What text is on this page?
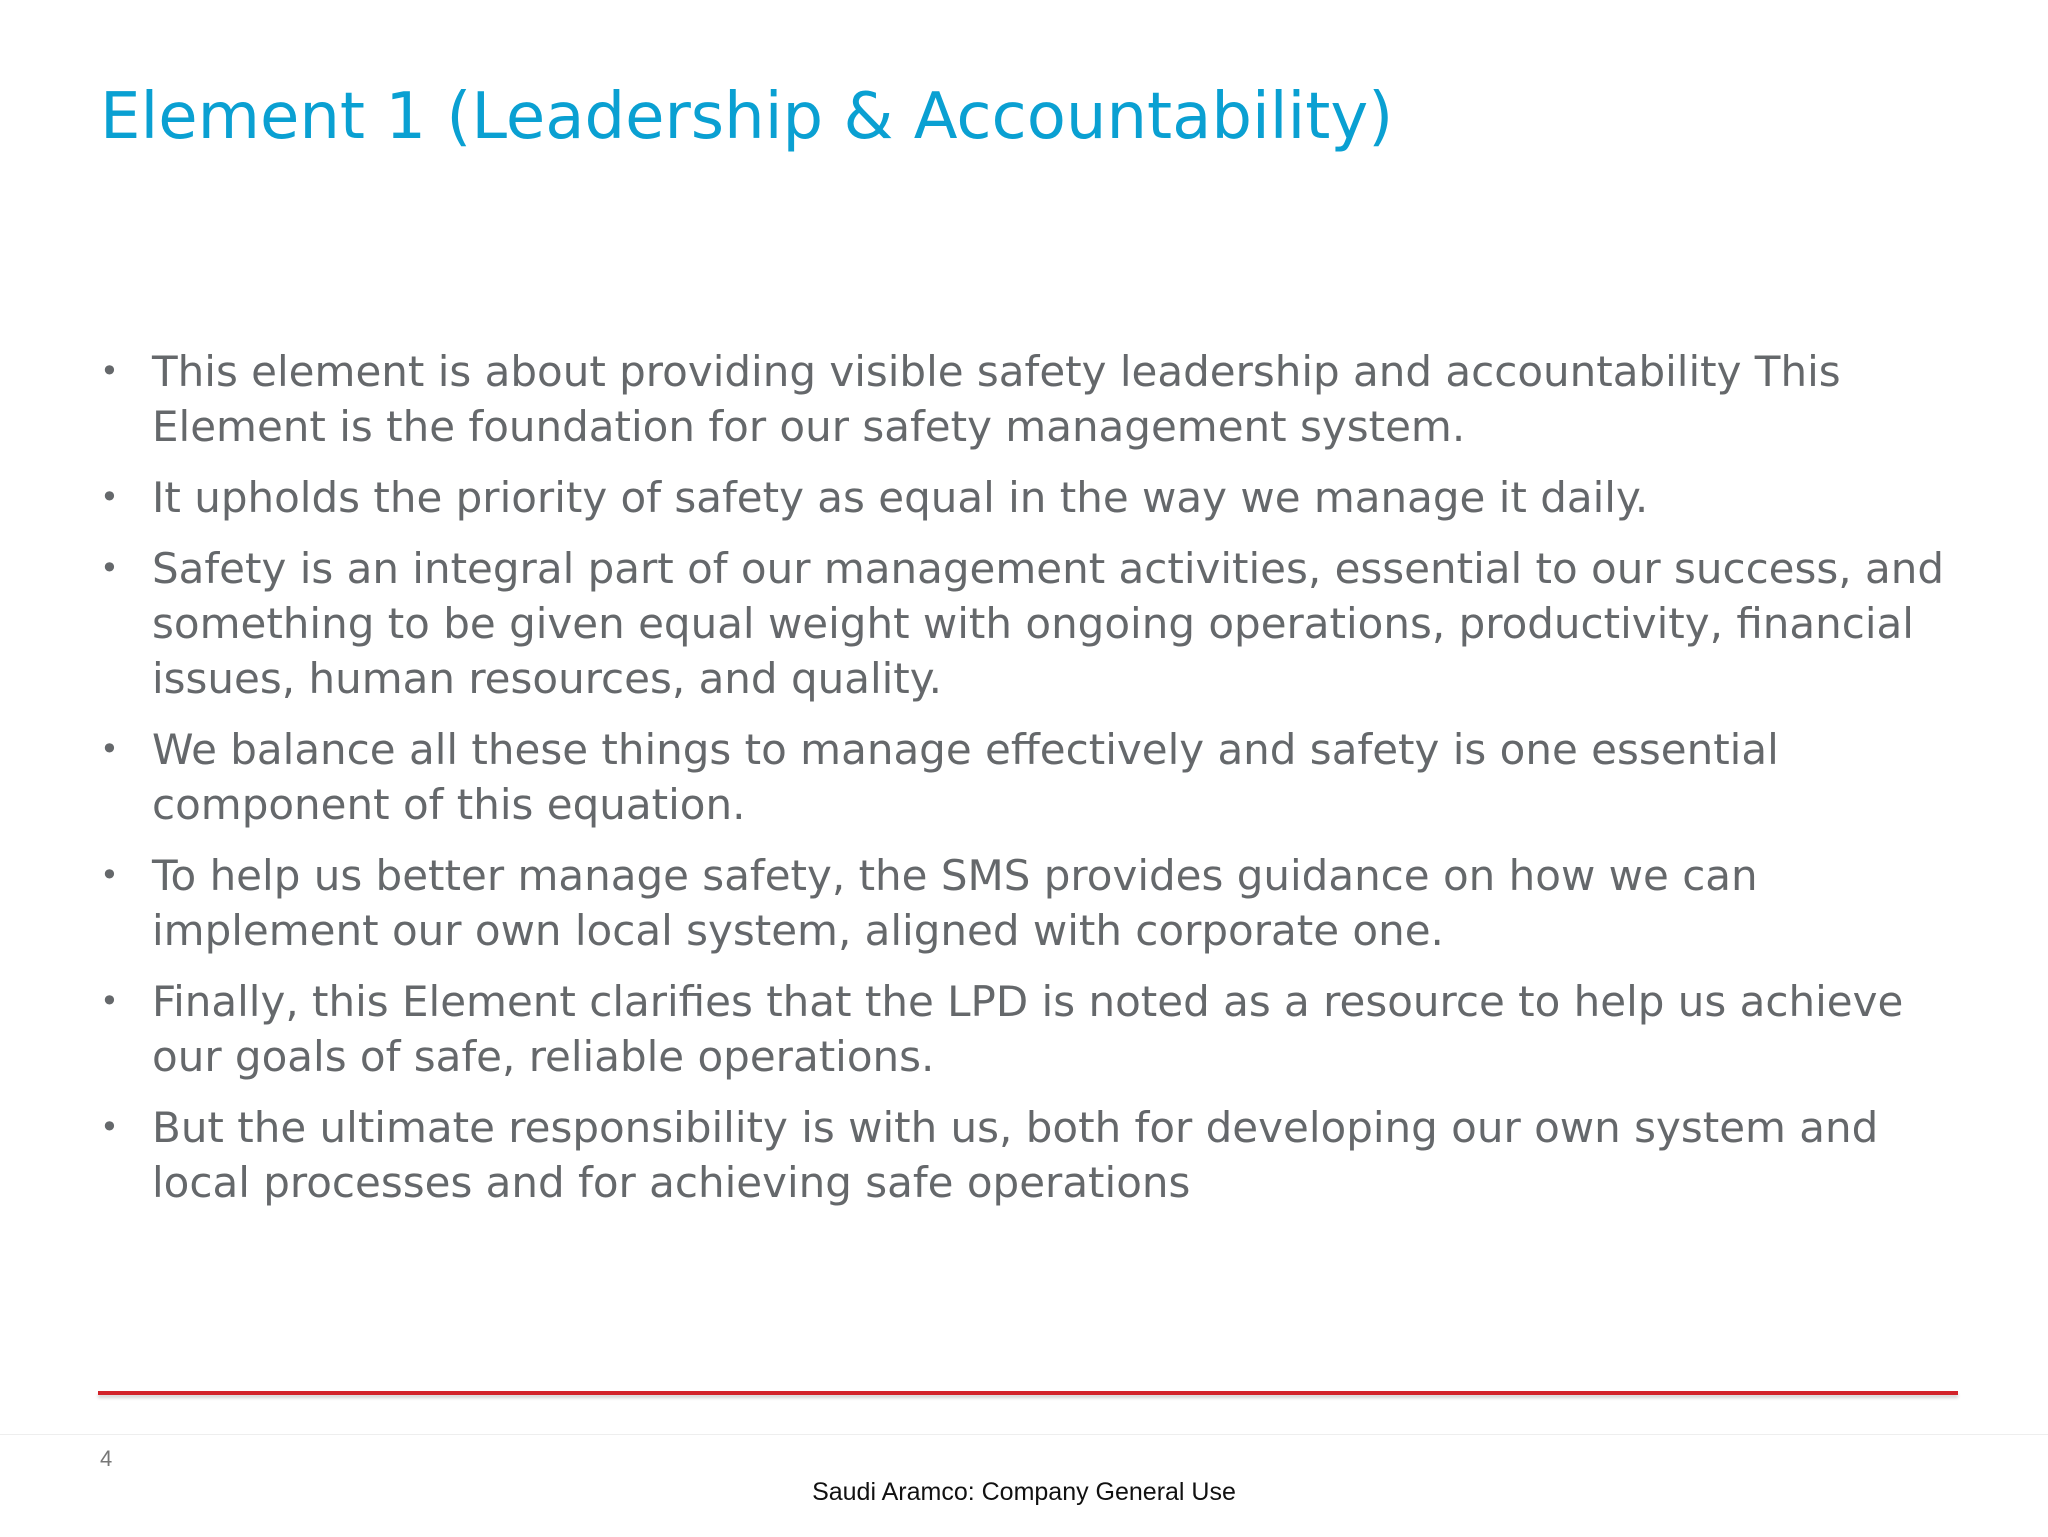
Element 1 (Leadership & Accountability)
• This element is about providing visible safety leadership and accountability This Element is the foundation for our safety management system.
• It upholds the priority of safety as equal in the way we manage it daily.
• Safety is an integral part of our management activities, essential to our success, and something to be given equal weight with ongoing operations, productivity, financial issues, human resources, and quality.
• We balance all these things to manage effectively and safety is one essential component of this equation.
• To help us better manage safety, the SMS provides guidance on how we can implement our own local system, aligned with corporate one.
• Finally, this Element clarifies that the LPD is noted as a resource to help us achieve our goals of safe, reliable operations.
• But the ultimate responsibility is with us, both for developing our own system and local processes and for achieving safe operations
4
Saudi Aramco: Company General Use
